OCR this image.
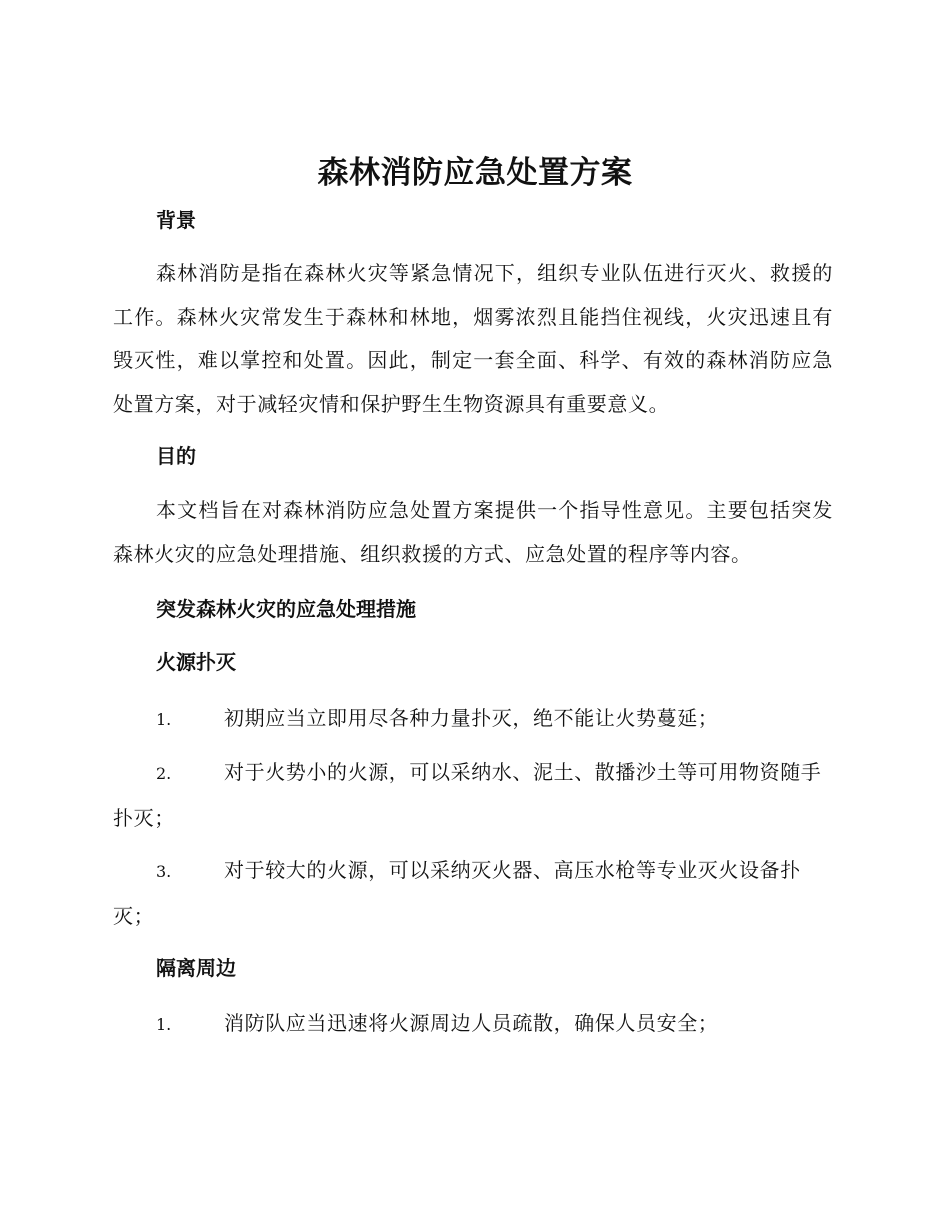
森林消防应急处置方案
背景
森林消防是指在森林火灾等紧急情况下，组织专业队伍进行灭火、救援的工作。森林火灾常发生于森林和林地，烟雾浓烈且能挡住视线，火灾迅速且有毁灭性，难以掌控和处置。因此，制定一套全面、科学、有效的森林消防应急处置方案，对于减轻灾情和保护野生生物资源具有重要意义。
目的
本文档旨在对森林消防应急处置方案提供一个指导性意见。主要包括突发森林火灾的应急处理措施、组织救援的方式、应急处置的程序等内容。
突发森林火灾的应急处理措施
火源扑灭
1.	初期应当立即用尽各种力量扑灭，绝不能让火势蔓延；
2.	对于火势小的火源，可以采纳水、泥土、散播沙土等可用物资随手扑灭；
3.	对于较大的火源，可以采纳灭火器、高压水枪等专业灭火设备扑灭；
隔离周边
1.	消防队应当迅速将火源周边人员疏散，确保人员安全；
